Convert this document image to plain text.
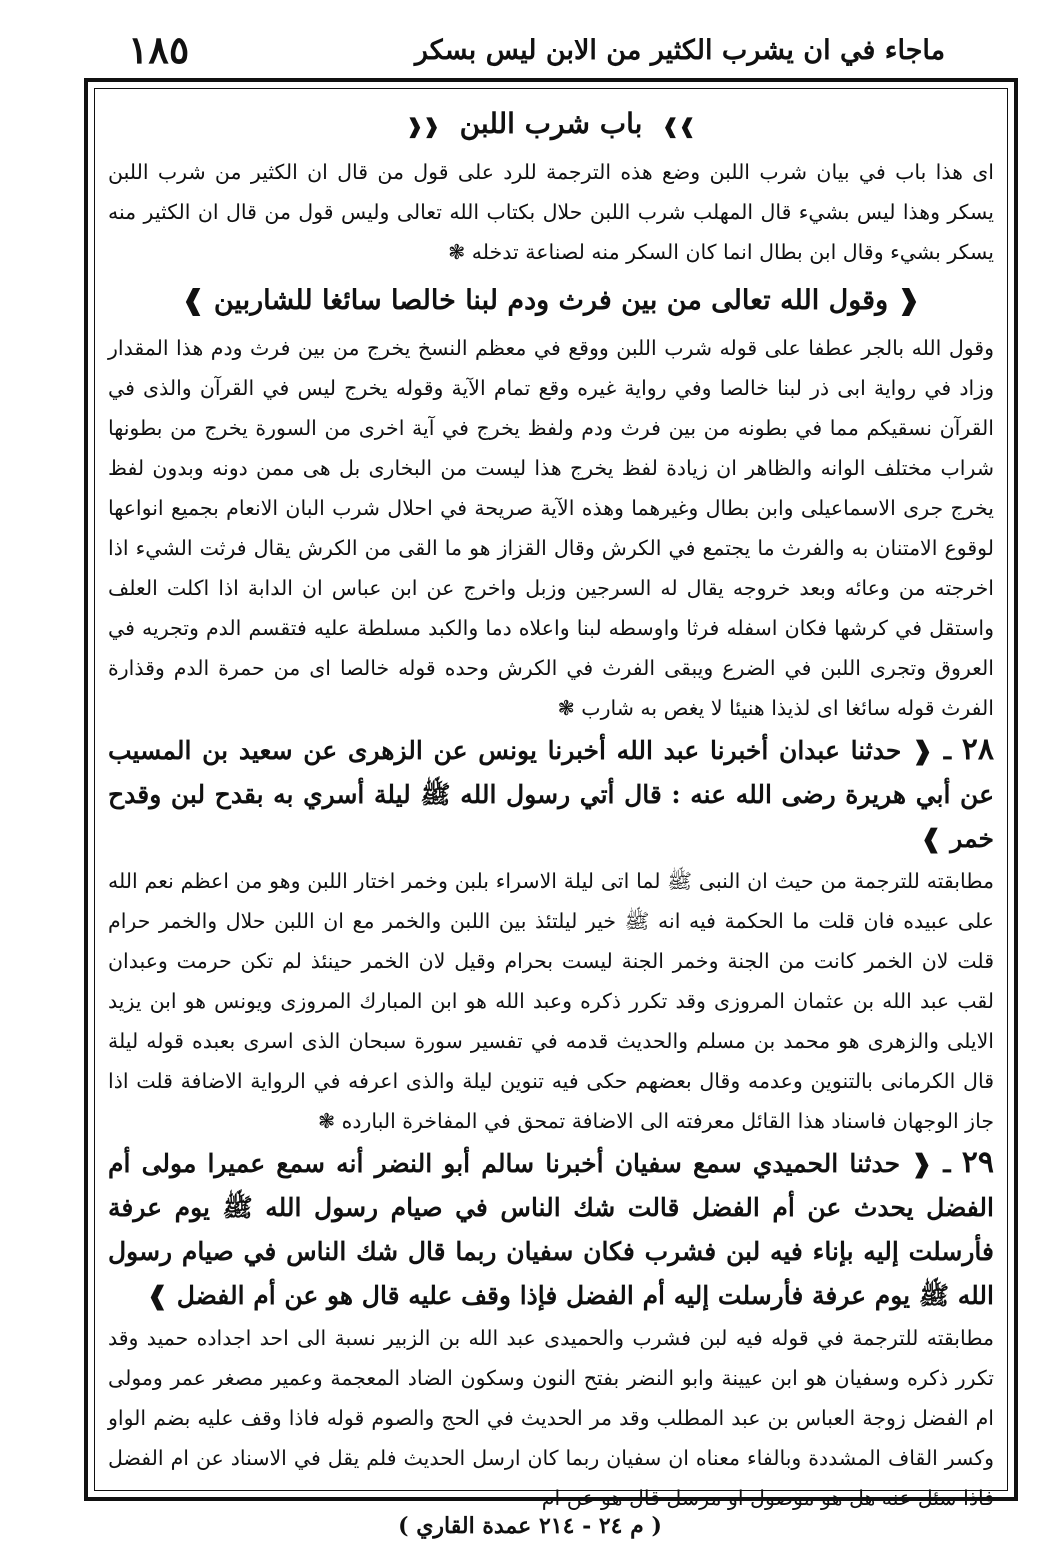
١٨٥	ماجاء في ان يشرب الكثير من الابن ليس بسكر
❱❱ باب شرب اللبن ❰❰

اى هذا باب في بيان شرب اللبن وضع هذه الترجمة للرد على قول من قال ان الكثير من شرب اللبن يسكر وهذا ليس بشيء قال المهلب شرب اللبن حلال بكتاب الله تعالى وليس قول من قال ان الكثير منه يسكر بشيء وقال ابن بطال انما كان السكر منه لصناعة تدخله ❃

❰ وقول الله تعالى من بين فرث ودم لبنا خالصا سائغا للشاربين ❱

وقول الله بالجر عطفا على قوله شرب اللبن ووقع في معظم النسخ يخرج من بين فرث ودم هذا المقدار وزاد في رواية ابى ذر لبنا خالصا وفي رواية غيره وقع تمام الآية وقوله يخرج ليس في القرآن والذى في القرآن نسقيكم مما في بطونه من بين فرث ودم ولفظ يخرج في آية اخرى من السورة يخرج من بطونها شراب مختلف الوانه والظاهر ان زيادة لفظ يخرج هذا ليست من البخارى بل هى ممن دونه وبدون لفظ يخرج جرى الاسماعيلى وابن بطال وغيرهما وهذه الآية صريحة في احلال شرب البان الانعام بجميع انواعها لوقوع الامتنان به والفرث ما يجتمع في الكرش وقال القزاز هو ما القى من الكرش يقال فرثت الشيء اذا اخرجته من وعائه وبعد خروجه يقال له السرجين وزبل واخرج عن ابن عباس ان الدابة اذا اكلت العلف واستقل في كرشها فكان اسفله فرثا واوسطه لبنا واعلاه دما والكبد مسلطة عليه فتقسم الدم وتجريه في العروق وتجرى اللبن في الضرع ويبقى الفرث في الكرش وحده قوله خالصا اى من حمرة الدم وقذارة الفرث قوله سائغا اى لذيذا هنيئا لا يغص به شارب ❃

٢٨ ـ ❰ حدثنا عبدان أخبرنا عبد الله أخبرنا يونس عن الزهرى عن سعيد بن المسيب عن أبي هريرة رضى الله عنه : قال أتي رسول الله ﷺ ليلة أسري به بقدح لبن وقدح خمر ❱

مطابقته للترجمة من حيث ان النبى ﷺ لما اتى ليلة الاسراء بلبن وخمر اختار اللبن وهو من اعظم نعم الله على عبيده فان قلت ما الحكمة فيه انه ﷺ خير ليلتئذ بين اللبن والخمر مع ان اللبن حلال والخمر حرام قلت لان الخمر كانت من الجنة وخمر الجنة ليست بحرام وقيل لان الخمر حينئذ لم تكن حرمت وعبدان لقب عبد الله بن عثمان المروزى وقد تكرر ذكره وعبد الله هو ابن المبارك المروزى ويونس هو ابن يزيد الايلى والزهرى هو محمد بن مسلم والحديث قدمه في تفسير سورة سبحان الذى اسرى بعبده قوله ليلة قال الكرمانى بالتنوين وعدمه وقال بعضهم حكى فيه تنوين ليلة والذى اعرفه في الرواية الاضافة قلت اذا جاز الوجهان فاسناد هذا القائل معرفته الى الاضافة تمحق في المفاخرة البارده ❃

٢٩ ـ ❰ حدثنا الحميدي سمع سفيان أخبرنا سالم أبو النضر أنه سمع عميرا مولى أم الفضل يحدث عن أم الفضل قالت شك الناس في صيام رسول الله ﷺ يوم عرفة فأرسلت إليه بإناء فيه لبن فشرب فكان سفيان ربما قال شك الناس في صيام رسول الله ﷺ يوم عرفة فأرسلت إليه أم الفضل فإذا وقف عليه قال هو عن أم الفضل ❱

مطابقته للترجمة في قوله فيه لبن فشرب والحميدى عبد الله بن الزبير نسبة الى احد اجداده حميد وقد تكرر ذكره وسفيان هو ابن عيينة وابو النضر بفتح النون وسكون الضاد المعجمة وعمير مصغر عمر ومولى ام الفضل زوجة العباس بن عبد المطلب وقد مر الحديث في الحج والصوم قوله فاذا وقف عليه بضم الواو وكسر القاف المشددة وبالفاء معناه ان سفيان ربما كان ارسل الحديث فلم يقل في الاسناد عن ام الفضل فاذا سئل عنه هل هو موصول او مرسل قال هو عن ام

( م ٢٤ - ٢١٤ عمدة القاري )
